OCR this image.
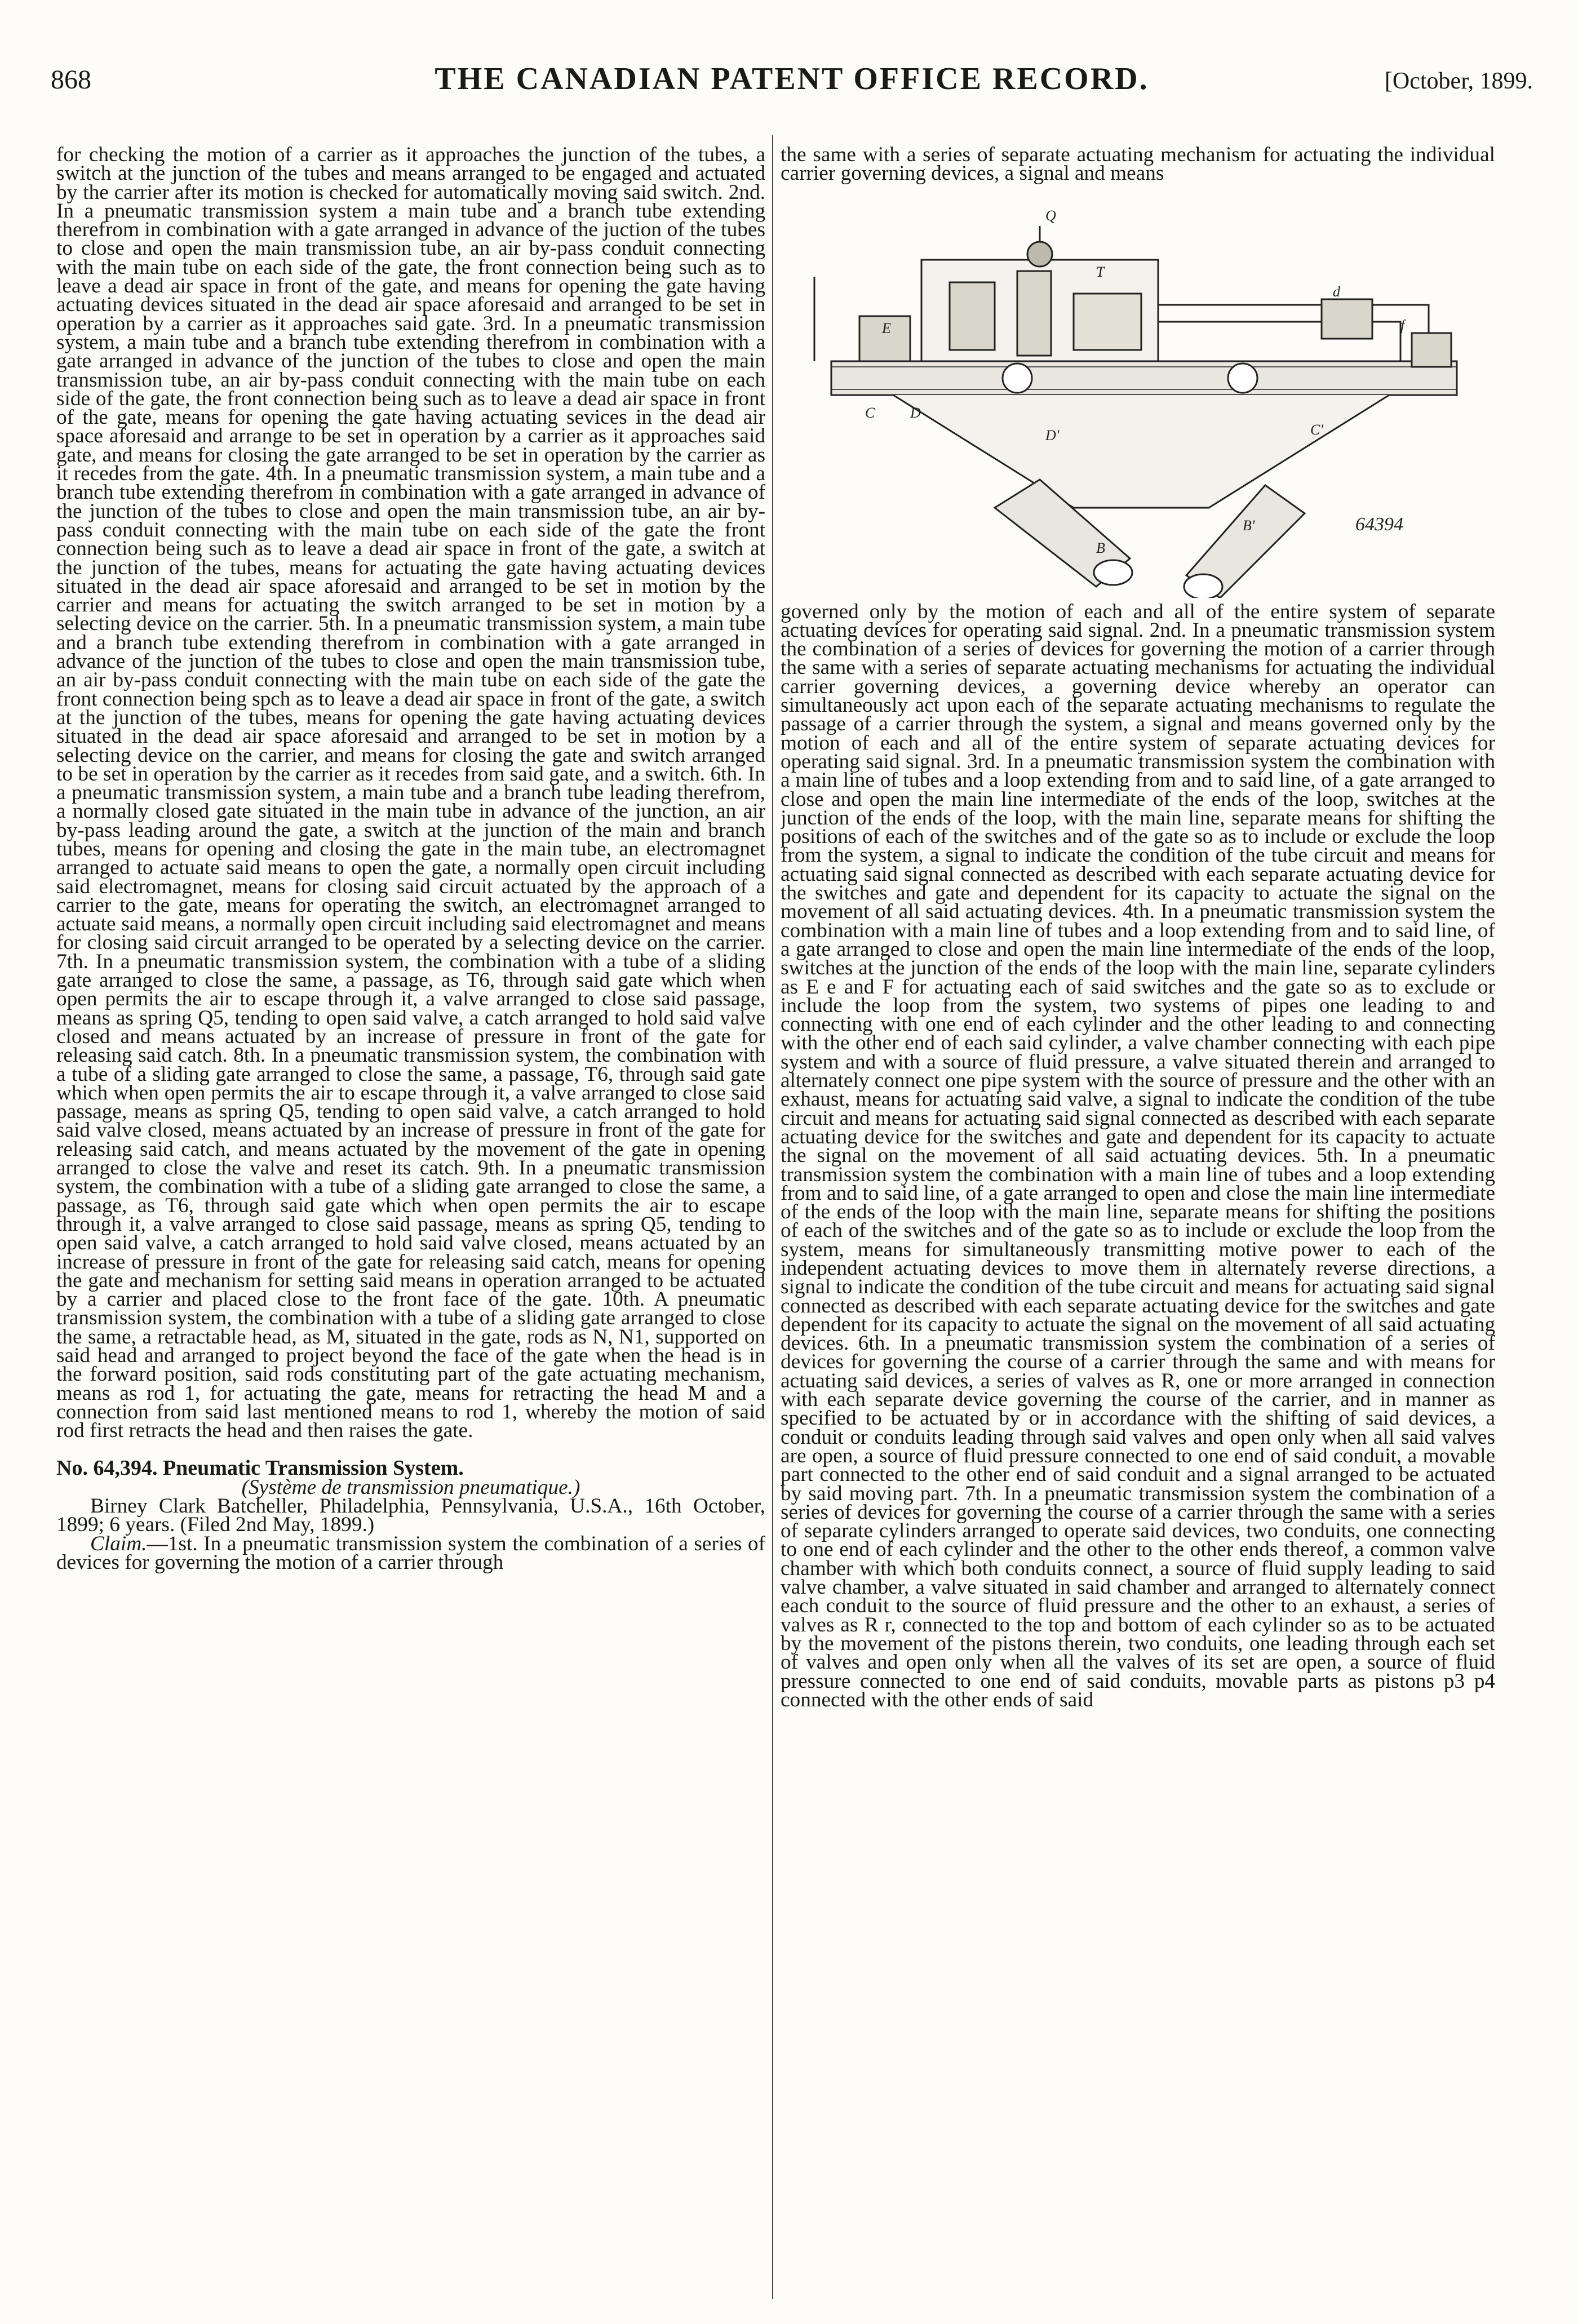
868	THE CANADIAN PATENT OFFICE RECORD.	[October, 1899.

for checking the motion of a carrier as it approaches the junction of the tubes, a switch at the junction of the tubes and means arranged to be engaged and actuated by the carrier after its motion is checked for automatically moving said switch. 2nd. In a pneumatic transmission system a main tube and a branch tube extending therefrom in combination with a gate arranged in advance of the juction of the tubes to close and open the main transmission tube, an air by-pass conduit connecting with the main tube on each side of the gate, the front connection being such as to leave a dead air space in front of the gate, and means for opening the gate having actuating devices situated in the dead air space aforesaid and arranged to be set in operation by a carrier as it approaches said gate. 3rd. In a pneumatic transmission system, a main tube and a branch tube extending therefrom in combination with a gate arranged in advance of the junction of the tubes to close and open the main transmission tube, an air by-pass conduit connecting with the main tube on each side of the gate, the front connection being such as to leave a dead air space in front of the gate, means for opening the gate having actuating sevices in the dead air space aforesaid and arrange to be set in operation by a carrier as it approaches said gate, and means for closing the gate arranged to be set in operation by the carrier as it recedes from the gate. 4th. In a pneumatic transmission system, a main tube and a branch tube extending therefrom in combination with a gate arranged in advance of the junction of the tubes to close and open the main transmission tube, an air by-pass conduit connecting with the main tube on each side of the gate the front connection being such as to leave a dead air space in front of the gate, a switch at the junction of the tubes, means for actuating the gate having actuating devices situated in the dead air space aforesaid and arranged to be set in motion by the carrier and means for actuating the switch arranged to be set in motion by a selecting device on the carrier. 5th. In a pneumatic transmission system, a main tube and a branch tube extending therefrom in combination with a gate arranged in advance of the junction of the tubes to close and open the main transmission tube, an air by-pass conduit connecting with the main tube on each side of the gate the front connection being spch as to leave a dead air space in front of the gate, a switch at the junction of the tubes, means for opening the gate having actuating devices situated in the dead air space aforesaid and arranged to be set in motion by a selecting device on the carrier, and means for closing the gate and switch arranged to be set in operation by the carrier as it recedes from said gate, and a switch. 6th. In a pneumatic transmission system, a main tube and a branch tube leading therefrom, a normally closed gate situated in the main tube in advance of the junction, an air by-pass leading around the gate, a switch at the junction of the main and branch tubes, means for opening and closing the gate in the main tube, an electromagnet arranged to actuate said means to open the gate, a normally open circuit including said electromagnet, means for closing said circuit actuated by the approach of a carrier to the gate, means for operating the switch, an electromagnet arranged to actuate said means, a normally open circuit including said electromagnet and means for closing said circuit arranged to be operated by a selecting device on the carrier. 7th. In a pneumatic transmission system, the combination with a tube of a sliding gate arranged to close the same, a passage, as T6, through said gate which when open permits the air to escape through it, a valve arranged to close said passage, means as spring Q5, tending to open said valve, a catch arranged to hold said valve closed and means actuated by an increase of pressure in front of the gate for releasing said catch. 8th. In a pneumatic transmission system, the combination with a tube of a sliding gate arranged to close the same, a passage, T6, through said gate which when open permits the air to escape through it, a valve arranged to close said passage, means as spring Q5, tending to open said valve, a catch arranged to hold said valve closed, means actuated by an increase of pressure in front of the gate for releasing said catch, and means actuated by the movement of the gate in opening arranged to close the valve and reset its catch. 9th. In a pneumatic transmission system, the combination with a tube of a sliding gate arranged to close the same, a passage, as T6, through said gate which when open permits the air to escape through it, a valve arranged to close said passage, means as spring Q5, tending to open said valve, a catch arranged to hold said valve closed, means actuated by an increase of pressure in front of the gate for releasing said catch, means for opening the gate and mechanism for setting said means in operation arranged to be actuated by a carrier and placed close to the front face of the gate. 10th. A pneumatic transmission system, the combination with a tube of a sliding gate arranged to close the same, a retractable head, as M, situated in the gate, rods as N, N1, supported on said head and arranged to project beyond the face of the gate when the head is in the forward position, said rods constituting part of the gate actuating mechanism, means as rod 1, for actuating the gate, means for retracting the head M and a connection from said last mentioned means to rod 1, whereby the motion of said rod first retracts the head and then raises the gate.

No. 64,394. Pneumatic Transmission System.

(Système de transmission pneumatique.)

Birney Clark Batcheller, Philadelphia, Pennsylvania, U.S.A., 16th October, 1899; 6 years. (Filed 2nd May, 1899.)

Claim.—1st. In a pneumatic transmission system the combination of a series of devices for governing the motion of a carrier through

the same with a series of separate actuating mechanism for actuating the individual carrier governing devices, a signal and means

Q
T
E
D
C
B
B'
D'	C'
d
f
64394

governed only by the motion of each and all of the entire system of separate actuating devices for operating said signal. 2nd. In a pneumatic transmission system the combination of a series of devices for governing the motion of a carrier through the same with a series of separate actuating mechanisms for actuating the individual carrier governing devices, a governing device whereby an operator can simultaneously act upon each of the separate actuating mechanisms to regulate the passage of a carrier through the system, a signal and means governed only by the motion of each and all of the entire system of separate actuating devices for operating said signal. 3rd. In a pneumatic transmission system the combination with a main line of tubes and a loop extending from and to said line, of a gate arranged to close and open the main line intermediate of the ends of the loop, switches at the junction of the ends of the loop, with the main line, separate means for shifting the positions of each of the switches and of the gate so as to include or exclude the loop from the system, a signal to indicate the condition of the tube circuit and means for actuating said signal connected as described with each separate actuating device for the switches and gate and dependent for its capacity to actuate the signal on the movement of all said actuating devices. 4th. In a pneumatic transmission system the combination with a main line of tubes and a loop extending from and to said line, of a gate arranged to close and open the main line intermediate of the ends of the loop, switches at the junction of the ends of the loop with the main line, separate cylinders as E e and F for actuating each of said switches and the gate so as to exclude or include the loop from the system, two systems of pipes one leading to and connecting with one end of each cylinder and the other leading to and connecting with the other end of each said cylinder, a valve chamber connecting with each pipe system and with a source of fluid pressure, a valve situated therein and arranged to alternately connect one pipe system with the source of pressure and the other with an exhaust, means for actuating said valve, a signal to indicate the condition of the tube circuit and means for actuating said signal connected as described with each separate actuating device for the switches and gate and dependent for its capacity to actuate the signal on the movement of all said actuating devices. 5th. In a pneumatic transmission system the combination with a main line of tubes and a loop extending from and to said line, of a gate arranged to open and close the main line intermediate of the ends of the loop with the main line, separate means for shifting the positions of each of the switches and of the gate so as to include or exclude the loop from the system, means for simultaneously transmitting motive power to each of the independent actuating devices to move them in alternately reverse directions, a signal to indicate the condition of the tube circuit and means for actuating said signal connected as described with each separate actuating device for the switches and gate dependent for its capacity to actuate the signal on the movement of all said actuating devices. 6th. In a pneumatic transmission system the combination of a series of devices for governing the course of a carrier through the same and with means for actuating said devices, a series of valves as R, one or more arranged in connection with each separate device governing the course of the carrier, and in manner as specified to be actuated by or in accordance with the shifting of said devices, a conduit or conduits leading through said valves and open only when all said valves are open, a source of fluid pressure connected to one end of said conduit, a movable part connected to the other end of said conduit and a signal arranged to be actuated by said moving part. 7th. In a pneumatic transmission system the combination of a series of devices for governing the course of a carrier through the same with a series of separate cylinders arranged to operate said devices, two conduits, one connecting to one end of each cylinder and the other to the other ends thereof, a common valve chamber with which both conduits connect, a source of fluid supply leading to said valve chamber, a valve situated in said chamber and arranged to alternately connect each conduit to the source of fluid pressure and the other to an exhaust, a series of valves as R r, connected to the top and bottom of each cylinder so as to be actuated by the movement of the pistons therein, two conduits, one leading through each set of valves and open only when all the valves of its set are open, a source of fluid pressure connected to one end of said conduits, movable parts as pistons p3 p4 connected with the other ends of said
